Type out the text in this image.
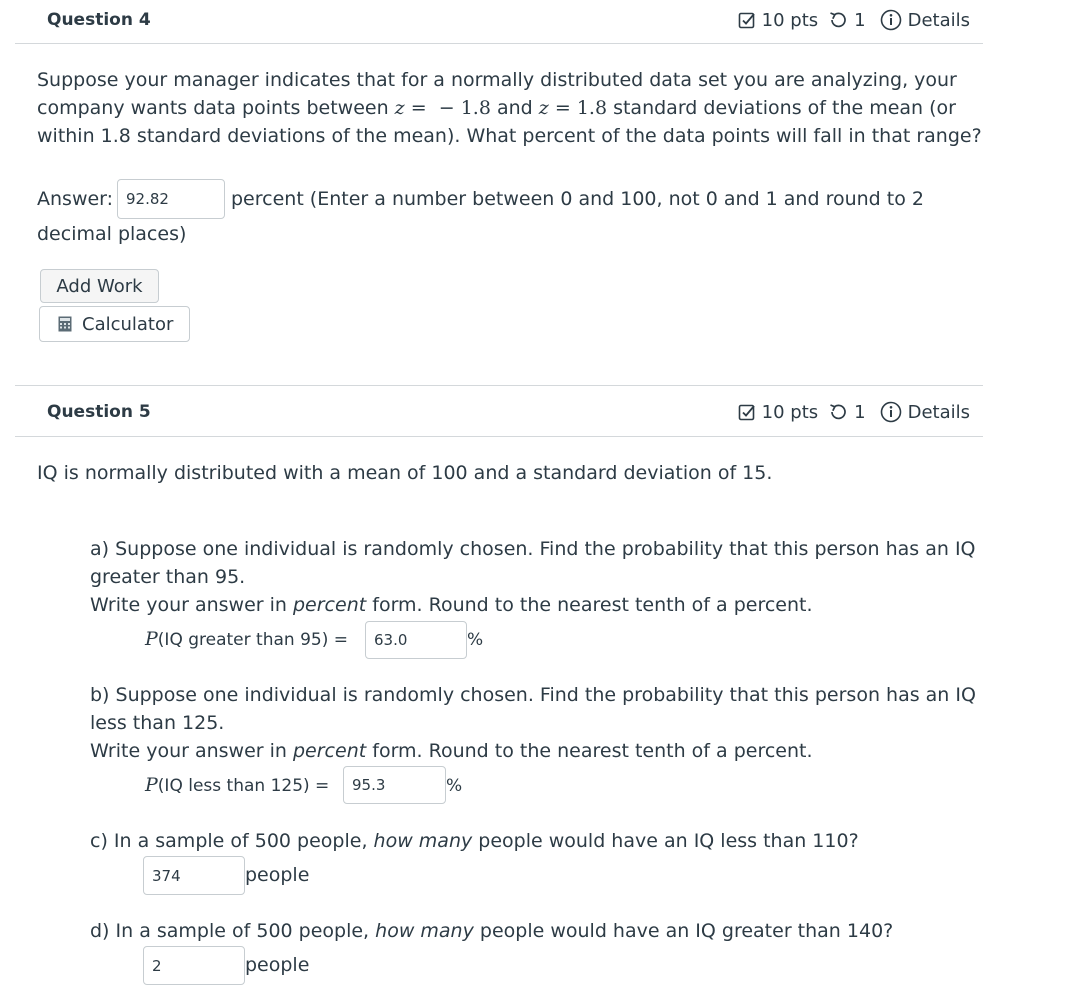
Question 4	10 pts 1 Details
Suppose your manager indicates that for a normally distributed data set you are analyzing, your
company wants data points between z = − 1.8 and z = 1.8 standard deviations of the mean (or
within 1.8 standard deviations of the mean). What percent of the data points will fall in that range?
Answer:
92.82	percent (Enter a number between 0 and 100, not 0 and 1 and round to 2
decimal places)
Add Work
Calculator
Question 5	10 pts 1 Details
IQ is normally distributed with a mean of 100 and a standard deviation of 15.
a) Suppose one individual is randomly chosen. Find the probability that this person has an IQ
greater than 95.
Write your answer in percent form. Round to the nearest tenth of a percent.
P(IQ greater than 95) =
63.0	%
b) Suppose one individual is randomly chosen. Find the probability that this person has an IQ
less than 125.
Write your answer in percent form. Round to the nearest tenth of a percent.
P(IQ less than 125) =
95.3	%
c) In a sample of 500 people, how many people would have an IQ less than 110?
374
people
d) In a sample of 500 people, how many people would have an IQ greater than 140?
2
people
